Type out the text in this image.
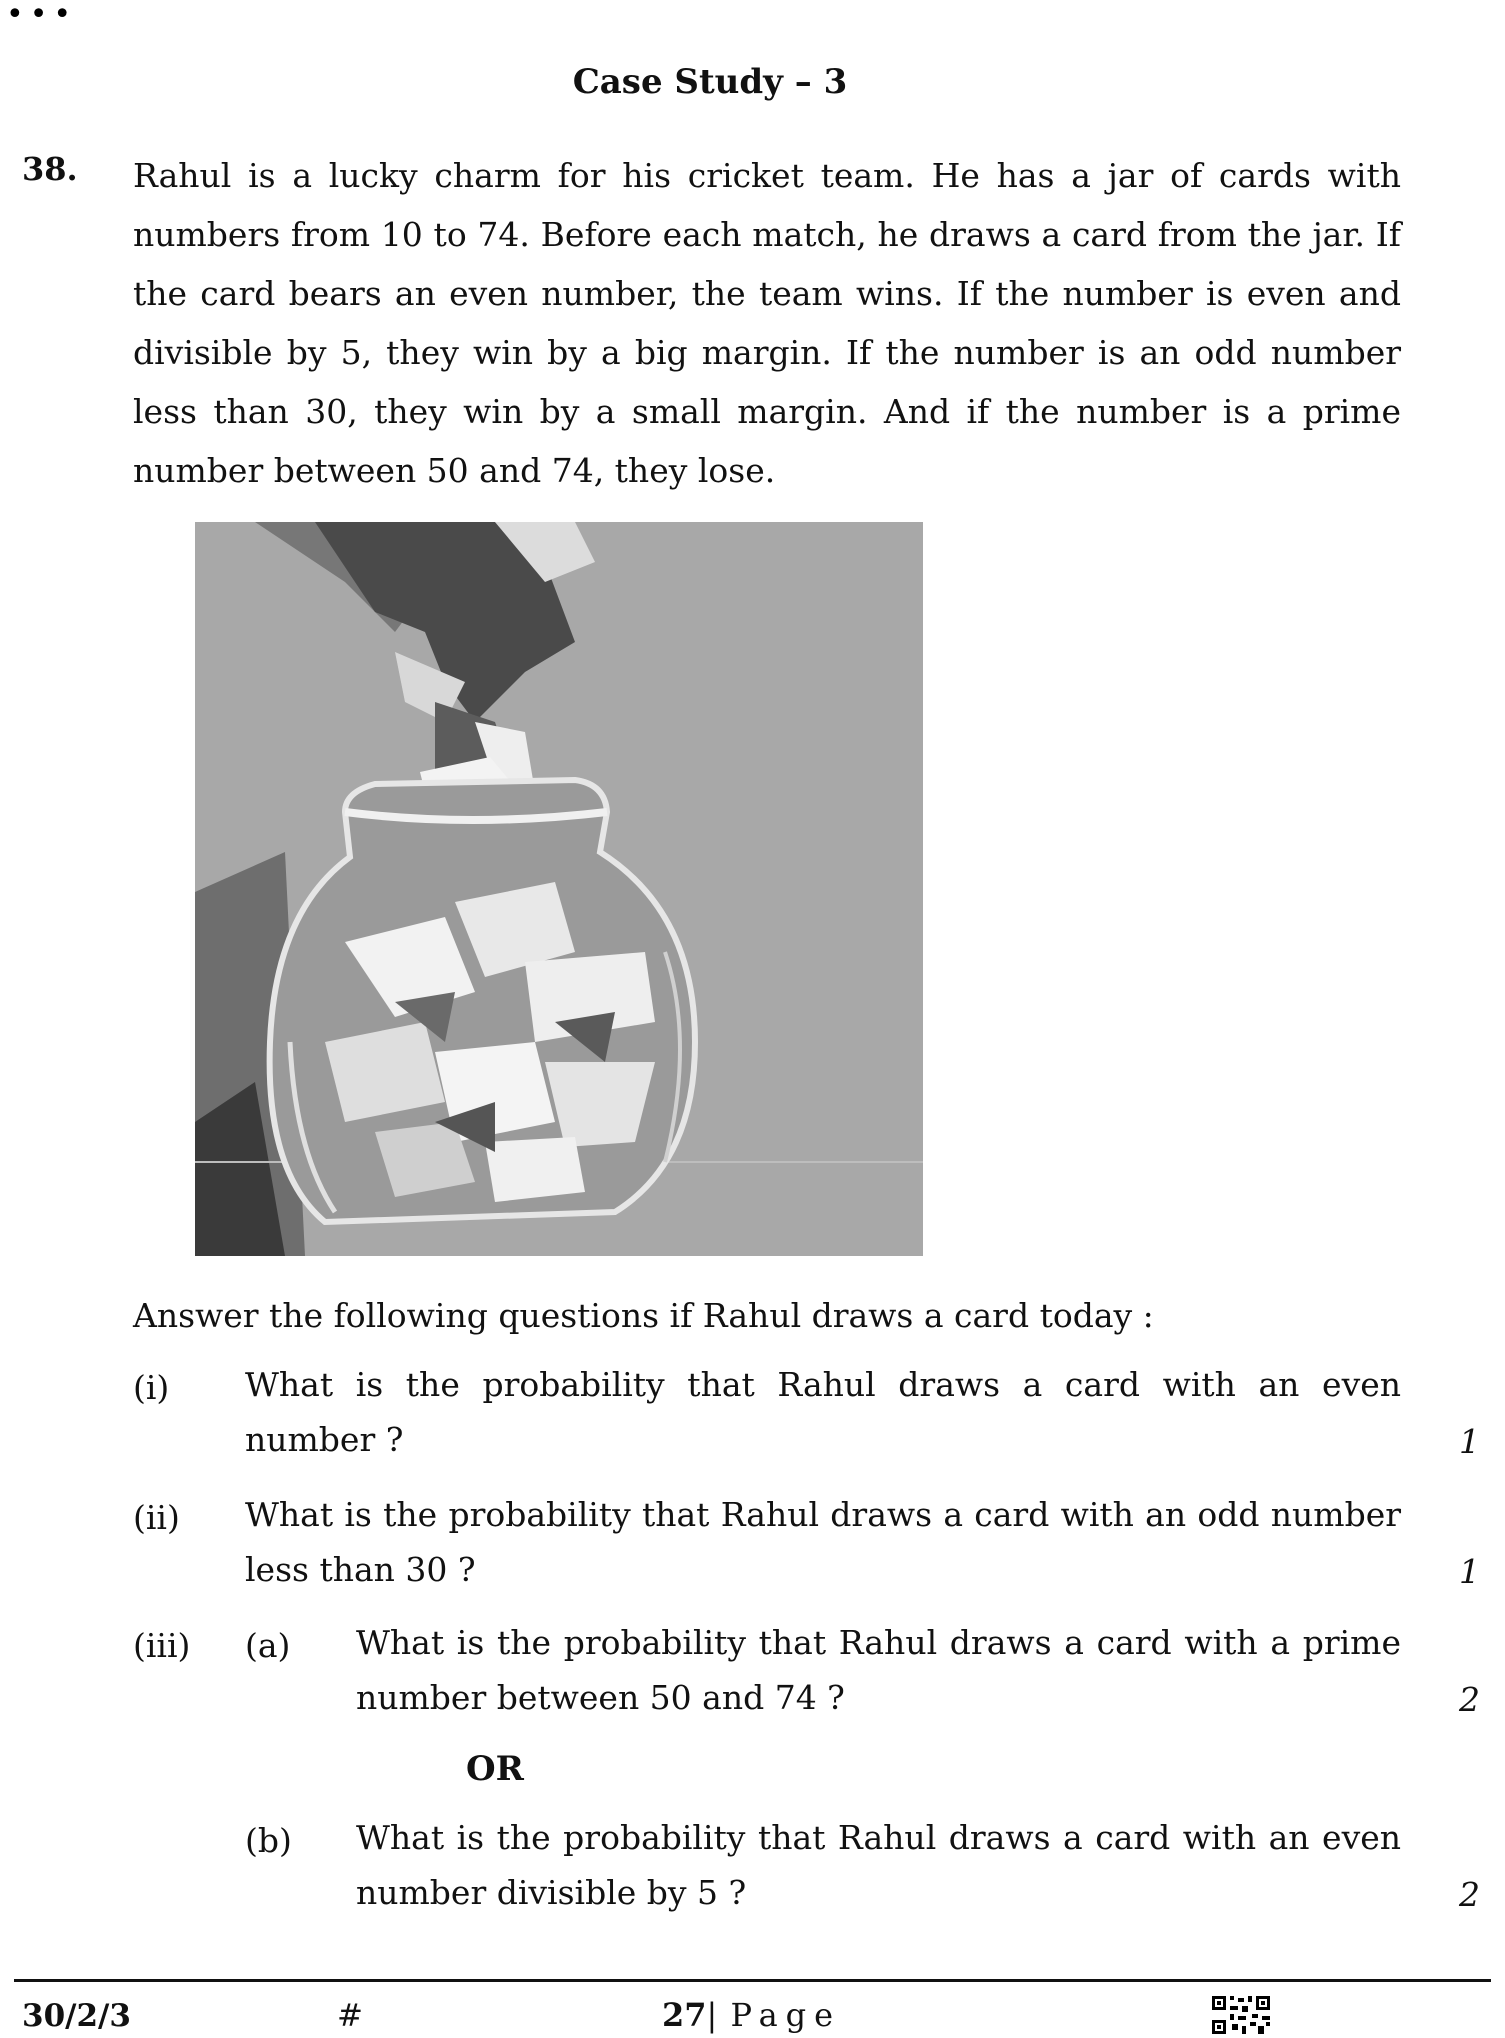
•••
Case Study – 3
38. Rahul is a lucky charm for his cricket team. He has a jar of cards with numbers from 10 to 74. Before each match, he draws a card from the jar. If the card bears an even number, the team wins. If the number is even and divisible by 5, they win by a big margin. If the number is an odd number less than 30, they win by a small margin. And if the number is a prime number between 50 and 74, they lose.
Answer the following questions if Rahul draws a card today :
(i) What is the probability that Rahul draws a card with an even number ?	1
(ii) What is the probability that Rahul draws a card with an odd number less than 30 ?	1
(iii) (a) What is the probability that Rahul draws a card with a prime number between 50 and 74 ?	2
OR
(b) What is the probability that Rahul draws a card with an even number divisible by 5 ?	2
30/2/3	#	27| Page
